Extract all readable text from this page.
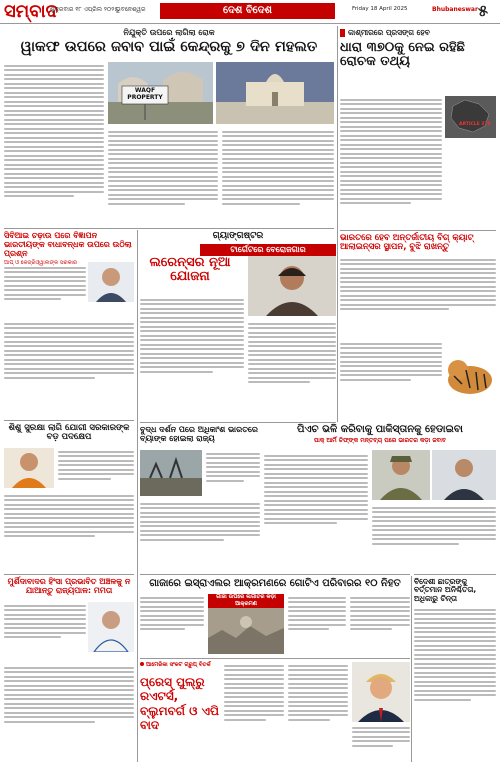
ସମ୍ବାଦ
ଶୁକ୍ରବାର ୧୮ ଏପ୍ରିଲ ୨୦୨୫
ଭୁବନେଶ୍ୱର	ଦେଶ ବିଦେଶ	Friday 18 April 2025	Bhubaneswar ୫
ନିଯୁକ୍ତି ଉପରେ ଲାଗିଲା ରୋକ
ୱାକଫ ଉପରେ ଜବାବ ପାଇଁ କେନ୍ଦ୍ରକୁ ୭ ଦିନ ମହଲତ
WAQF PROPERTY
କାଶ୍ମୀରରେ ପ୍ରସଙ୍ଗ ହେବ
ଧାରା ୩୭୦କୁ ନେଇ ରହିଛି ରୋଚକ ତଥ୍ୟ
ARTICLE 370
ଭାରତରେ ହେବ ଅନ୍ତର୍ଜାତୀୟ ବିଗ୍ କ୍ୟାଟ୍ ଆଲାଇନ୍ସର ସ୍ଥାପନ, ବୁଝି ରାଖନ୍ତୁ
ସିବିଆଇ ଚଢ଼ାଉ ପରେ ବିଜ୍ଞାପନ ଭାରତୀୟଙ୍କ ବାଧାବନ୍ଧକ ଉପରେ ଉଠିଲା ପ୍ରଶ୍ନ
ଆପ୍ ଓ କେଜ୍ରିଓ୍ୱାଲଙ୍କ ସରକାର
ଗ୍ୟାଙ୍ଗଷ୍ଟର
ଟାର୍ଗେଟରେ ବେରୋଜଗାର
ଲରେନ୍ସର ନୂଆ ଯୋଜନା
ଶିଶୁ ସୁରକ୍ଷା ଲାଗି ଯୋଗୀ ସରକାରଙ୍କ ବଡ଼ ପଦକ୍ଷେପ
ମୁର୍ଶିଦାବାଦର ହିଂସା ପ୍ରଭାବିତ ଅଞ୍ଚଳକୁ ନ ଯାଆନ୍ତୁ ରାଜ୍ୟପାଳ: ମମତା
ବୁଦ୍ଧ ଦର୍ଶନ ପରେ ଅଧିକାଂଶ ଭାରତରେ ବ୍ୟାଙ୍କ ହୋଇଲା ରାଜ୍ୟ
ପିଏଚ ଭଳି କରିବାକୁ ପାକିସ୍ତାନକୁ ହେଡାଇବା
ପାକ୍ ଆର୍ମି ଚିଫ୍‌ଙ୍କ ମନ୍ତବ୍ୟ ପରେ ଭାରତର କଡ଼ା ଜବାବ
ଗାଜାରେ ଇସ୍ରାଏଲର ଆକ୍ରମଣରେ ଗୋଟିଏ ପରିବାରର ୧୦ ନିହତ
ଗାଜା ଉପରେ ଲଗାତର କଡ଼ା ଆକ୍ରମଣ
ଆମେରିକା ସଂକଟ ଗ୍ରୁପ୍ ବିତର୍କ
ପ୍ରେସ୍ ପୁଲ୍‌ରୁ ରଏଟର୍ସ, ବ୍ଲୁମବର୍ଗ ଓ ଏପି ବାଦ
ବିଦେଶୀ ଛାତ୍ରଙ୍କୁ ବର୍ତ୍ତମାନ ଅନିଶ୍ଚିତତା, ଅଧିକାରୁ ଚିନ୍ତା
